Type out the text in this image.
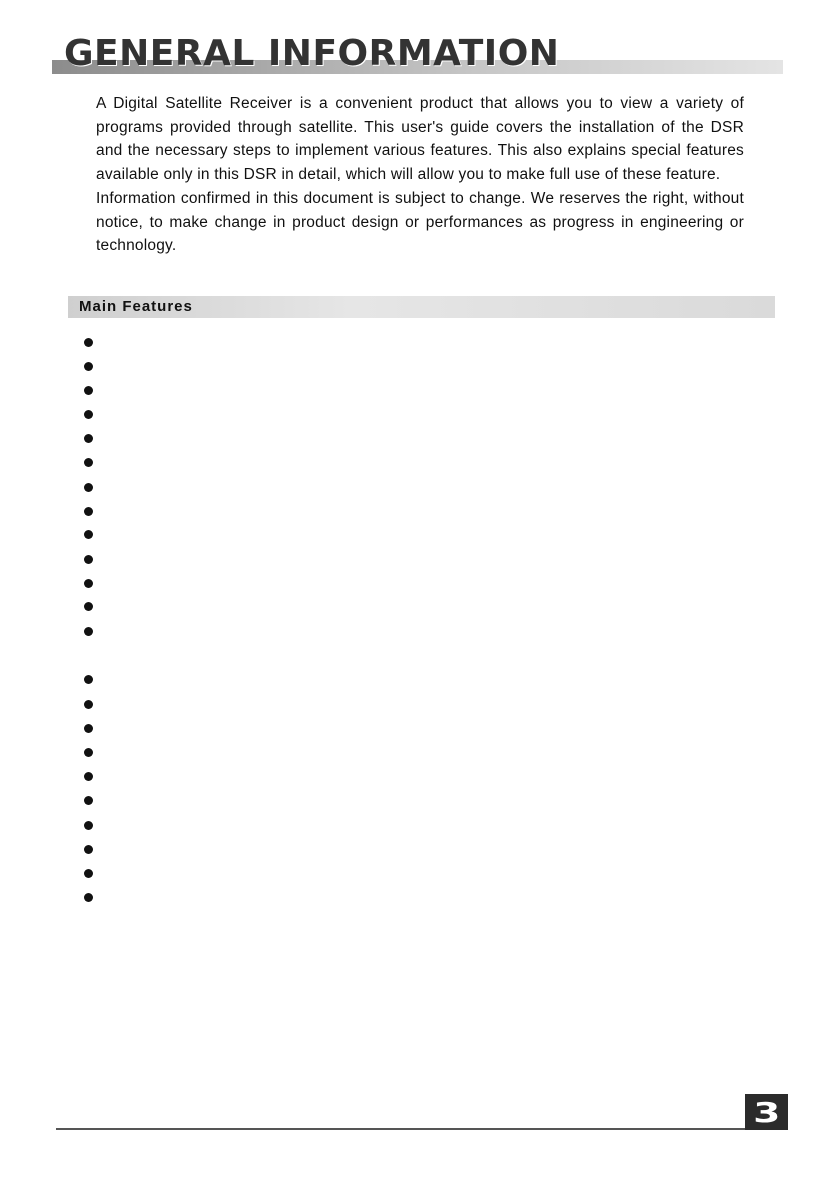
GENERAL INFORMATION

A Digital Satellite Receiver is a convenient product that allows you to view a variety of programs provided through satellite. This user's guide covers the installation of the DSR and the necessary steps to implement various features. This also explains special features available only in this DSR in detail, which will allow you to make full use of these feature.

Information confirmed in this document is subject to change. We reserves the right, without notice, to make change in product design or performances as progress in engineering or technology.

Main Features
3
